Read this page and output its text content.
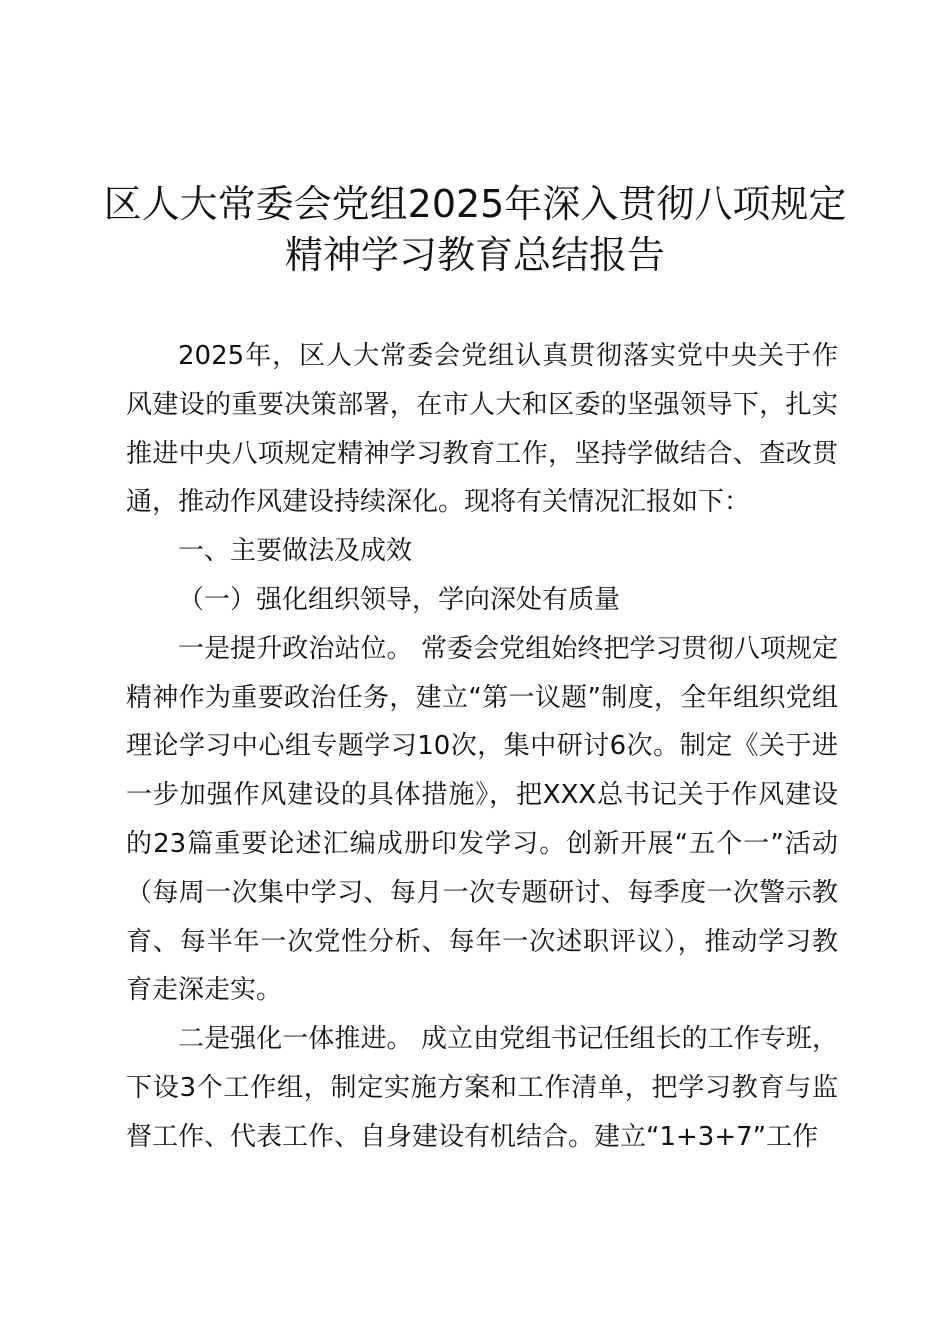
区人大常委会党组2025年深入贯彻八项规定
精神学习教育总结报告

2025年，区人大常委会党组认真贯彻落实党中央关于作风建设的重要决策部署，在市人大和区委的坚强领导下，扎实推进中央八项规定精神学习教育工作，坚持学做结合、查改贯通，推动作风建设持续深化。现将有关情况汇报如下：

一、主要做法及成效

（一）强化组织领导，学向深处有质量

一是提升政治站位。 常委会党组始终把学习贯彻八项规定精神作为重要政治任务，建立“第一议题”制度，全年组织党组理论学习中心组专题学习10次，集中研讨6次。制定《关于进一步加强作风建设的具体措施》，把XXX总书记关于作风建设的23篇重要论述汇编成册印发学习。创新开展“五个一”活动（每周一次集中学习、每月一次专题研讨、每季度一次警示教育、每半年一次党性分析、每年一次述职评议），推动学习教育走深走实。

二是强化一体推进。 成立由党组书记任组长的工作专班，下设3个工作组，制定实施方案和工作清单，把学习教育与监督工作、代表工作、自身建设有机结合。建立“1+3+7”工作
